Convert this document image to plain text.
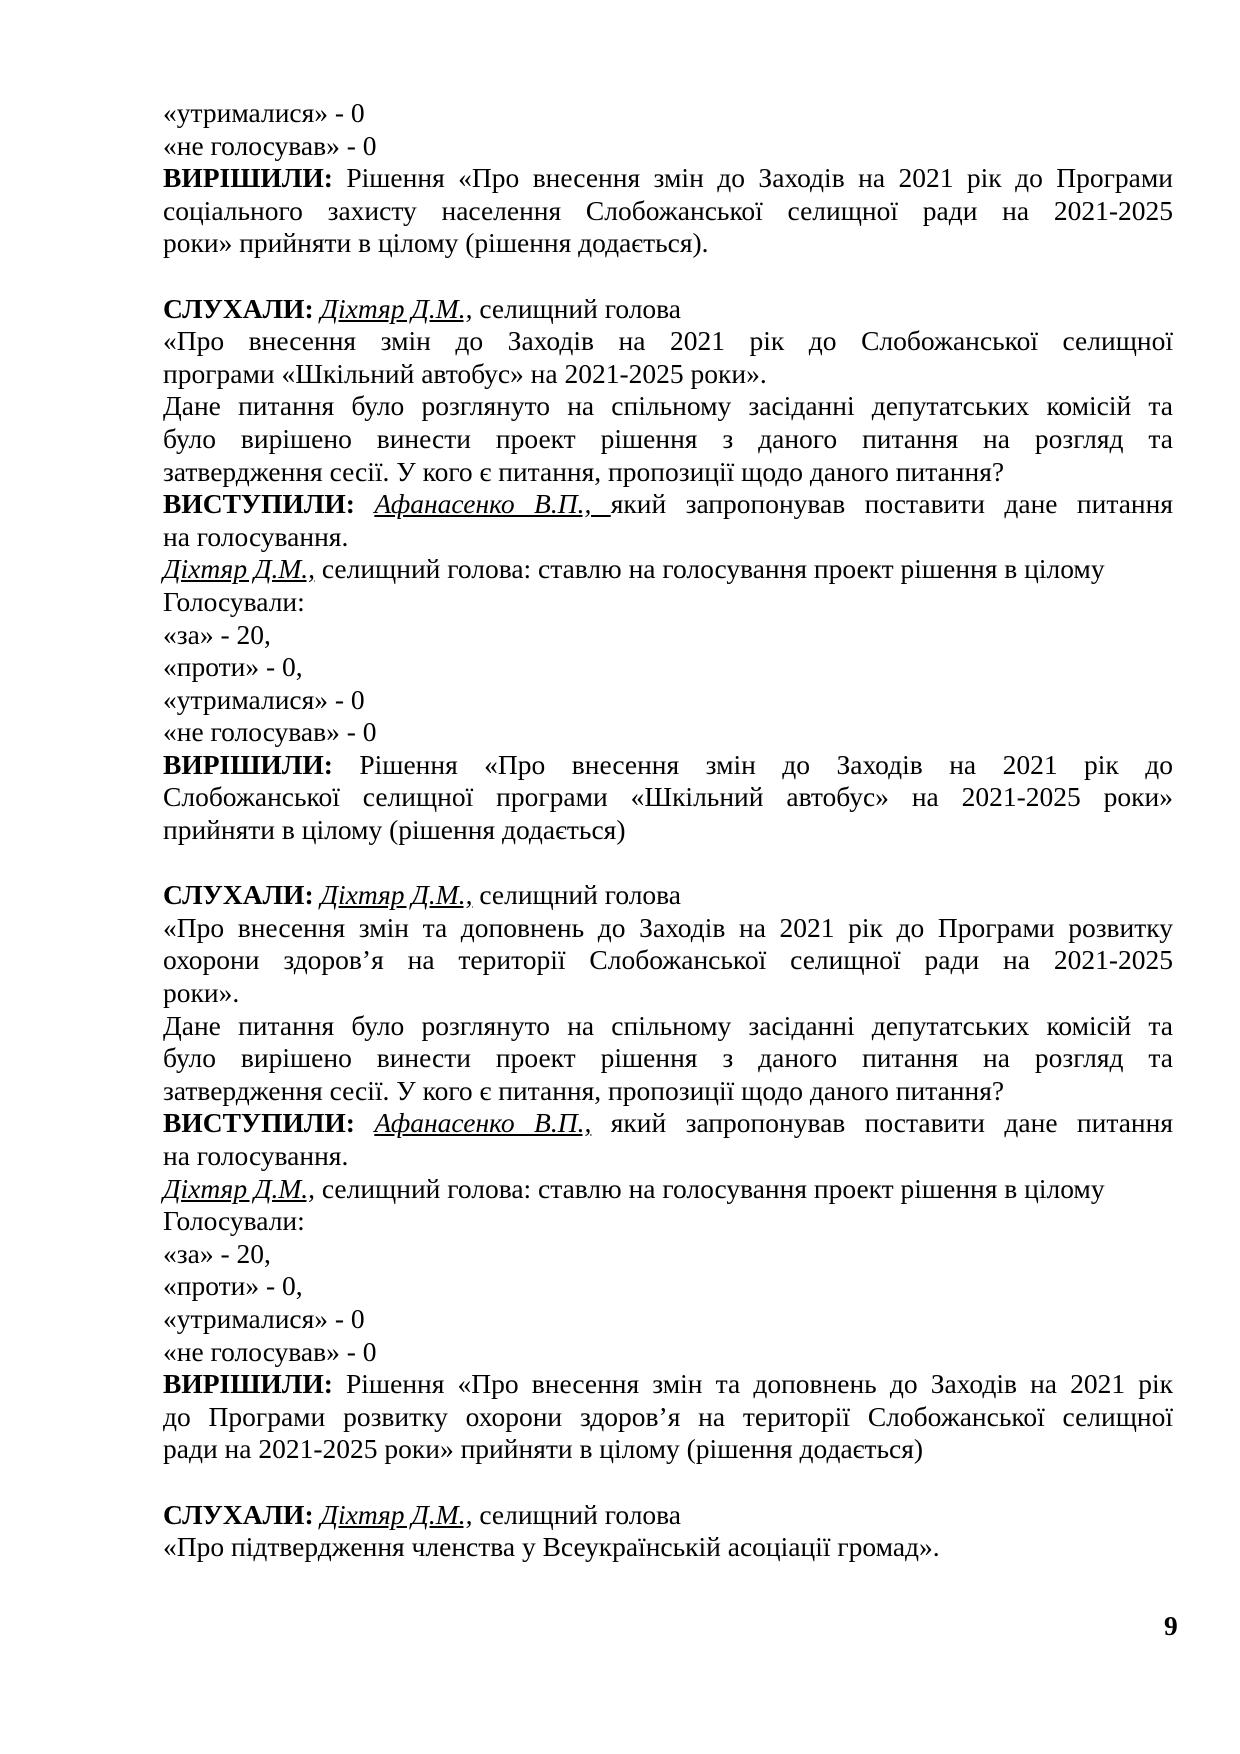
«утрималися» - 0
«не голосував» - 0
ВИРІШИЛИ: Рішення «Про внесення змін до Заходів на 2021 рік до Програми
соціального захисту населення Слобожанської селищної ради на 2021-2025
роки» прийняти в цілому (рішення додається).
СЛУХАЛИ: Діхтяр Д.М., селищний голова
«Про внесення змін до Заходів на 2021 рік до Слобожанської селищної
програми «Шкільний автобус» на 2021-2025 роки».
Дане питання було розглянуто на спільному засіданні депутатських комісій та
було вирішено винести проект рішення з даного питання на розгляд та
затвердження сесії. У кого є питання, пропозиції щодо даного питання?
ВИСТУПИЛИ: Афанасенко В.П., який запропонував поставити дане питання
на голосування.
Діхтяр Д.М., селищний голова: ставлю на голосування проект рішення в цілому
Голосували:
«за» - 20,
«проти» - 0,
«утрималися» - 0
«не голосував» - 0
ВИРІШИЛИ: Рішення «Про внесення змін до Заходів на 2021 рік до
Слобожанської селищної програми «Шкільний автобус» на 2021-2025 роки»
прийняти в цілому (рішення додається)
СЛУХАЛИ: Діхтяр Д.М., селищний голова
«Про внесення змін та доповнень до Заходів на 2021 рік до Програми розвитку
охорони здоров’я на території Слобожанської селищної ради на 2021-2025
роки».
Дане питання було розглянуто на спільному засіданні депутатських комісій та
було вирішено винести проект рішення з даного питання на розгляд та
затвердження сесії. У кого є питання, пропозиції щодо даного питання?
ВИСТУПИЛИ: Афанасенко В.П., який запропонував поставити дане питання
на голосування.
Діхтяр Д.М., селищний голова: ставлю на голосування проект рішення в цілому
Голосували:
«за» - 20,
«проти» - 0,
«утрималися» - 0
«не голосував» - 0
ВИРІШИЛИ: Рішення «Про внесення змін та доповнень до Заходів на 2021 рік
до Програми розвитку охорони здоров’я на території Слобожанської селищної
ради на 2021-2025 роки» прийняти в цілому (рішення додається)
СЛУХАЛИ: Діхтяр Д.М., селищний голова
«Про підтвердження членства у Всеукраїнській асоціації громад».
9
